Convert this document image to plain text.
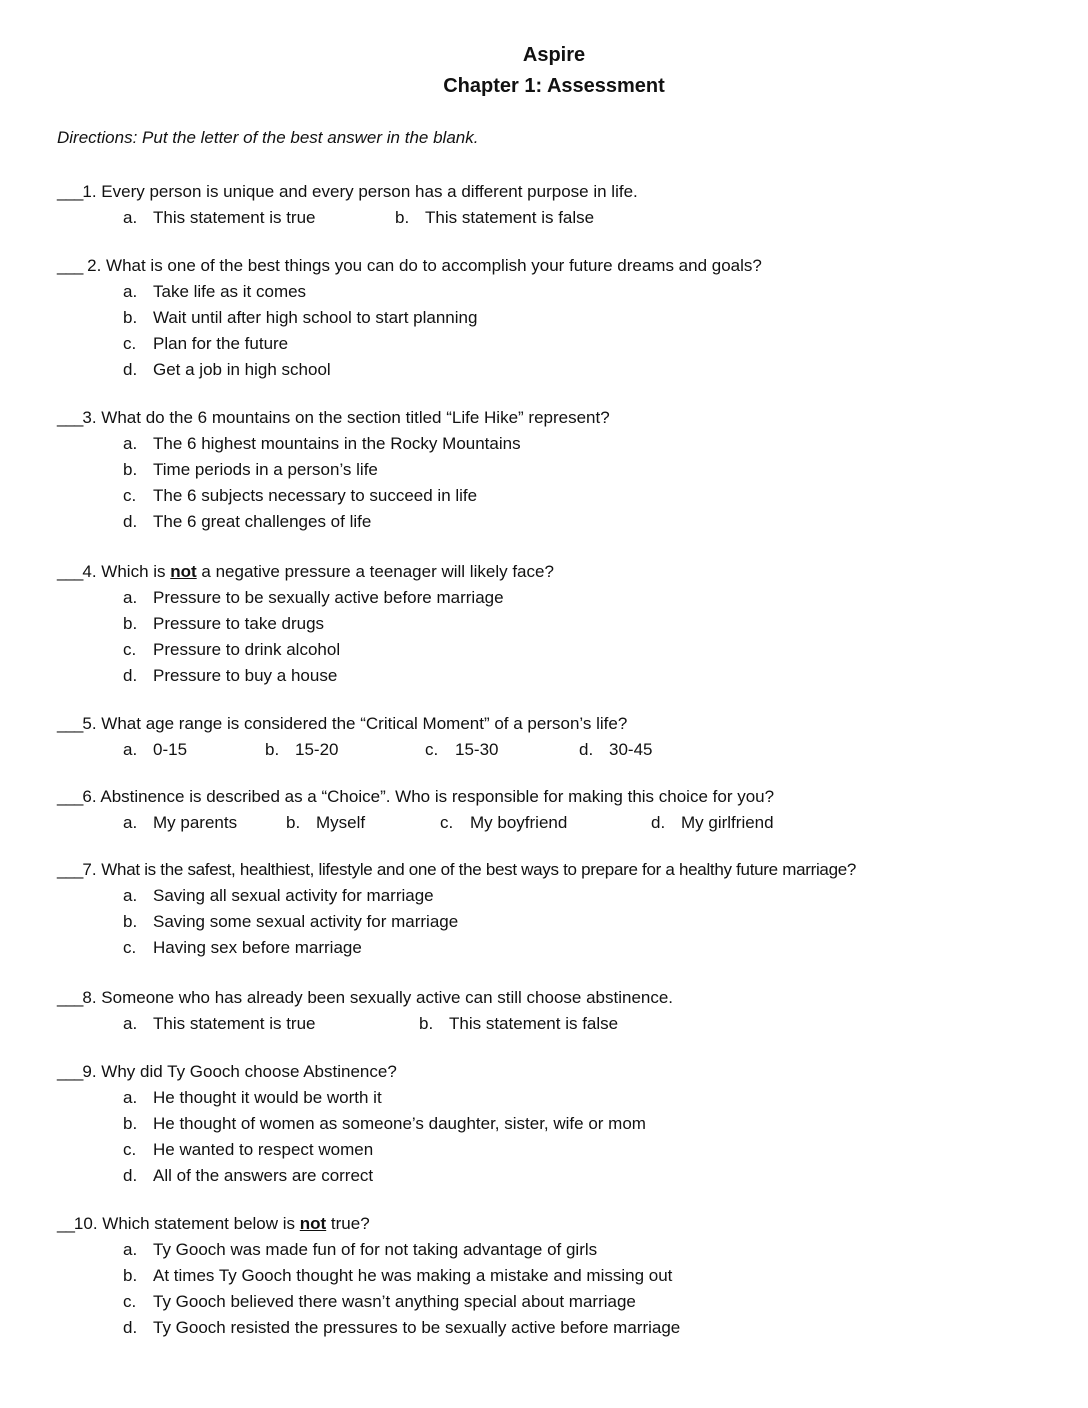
Aspire
Chapter 1: Assessment
Directions: Put the letter of the best answer in the blank.
___1. Every person is unique and every person has a different purpose in life.
a. This statement is true	b. This statement is false
___ 2. What is one of the best things you can do to accomplish your future dreams and goals?
a. Take life as it comes
b. Wait until after high school to start planning
c. Plan for the future
d. Get a job in high school
___3. What do the 6 mountains on the section titled “Life Hike” represent?
a. The 6 highest mountains in the Rocky Mountains
b. Time periods in a person’s life
c. The 6 subjects necessary to succeed in life
d. The 6 great challenges of life
___4. Which is not a negative pressure a teenager will likely face?
a. Pressure to be sexually active before marriage
b. Pressure to take drugs
c. Pressure to drink alcohol
d. Pressure to buy a house
___5. What age range is considered the “Critical Moment” of a person’s life?
a. 0-15	b. 15-20	c. 15-30	d. 30-45
___6. Abstinence is described as a “Choice”. Who is responsible for making this choice for you?
a. My parents	b. Myself	c. My boyfriend	d. My girlfriend
___7. What is the safest, healthiest, lifestyle and one of the best ways to prepare for a healthy future marriage?
a. Saving all sexual activity for marriage
b. Saving some sexual activity for marriage
c. Having sex before marriage
___8. Someone who has already been sexually active can still choose abstinence.
a. This statement is true	b. This statement is false
___9. Why did Ty Gooch choose Abstinence?
a. He thought it would be worth it
b. He thought of women as someone’s daughter, sister, wife or mom
c. He wanted to respect women
d. All of the answers are correct
__10. Which statement below is not true?
a. Ty Gooch was made fun of for not taking advantage of girls
b. At times Ty Gooch thought he was making a mistake and missing out
c. Ty Gooch believed there wasn’t anything special about marriage
d. Ty Gooch resisted the pressures to be sexually active before marriage
